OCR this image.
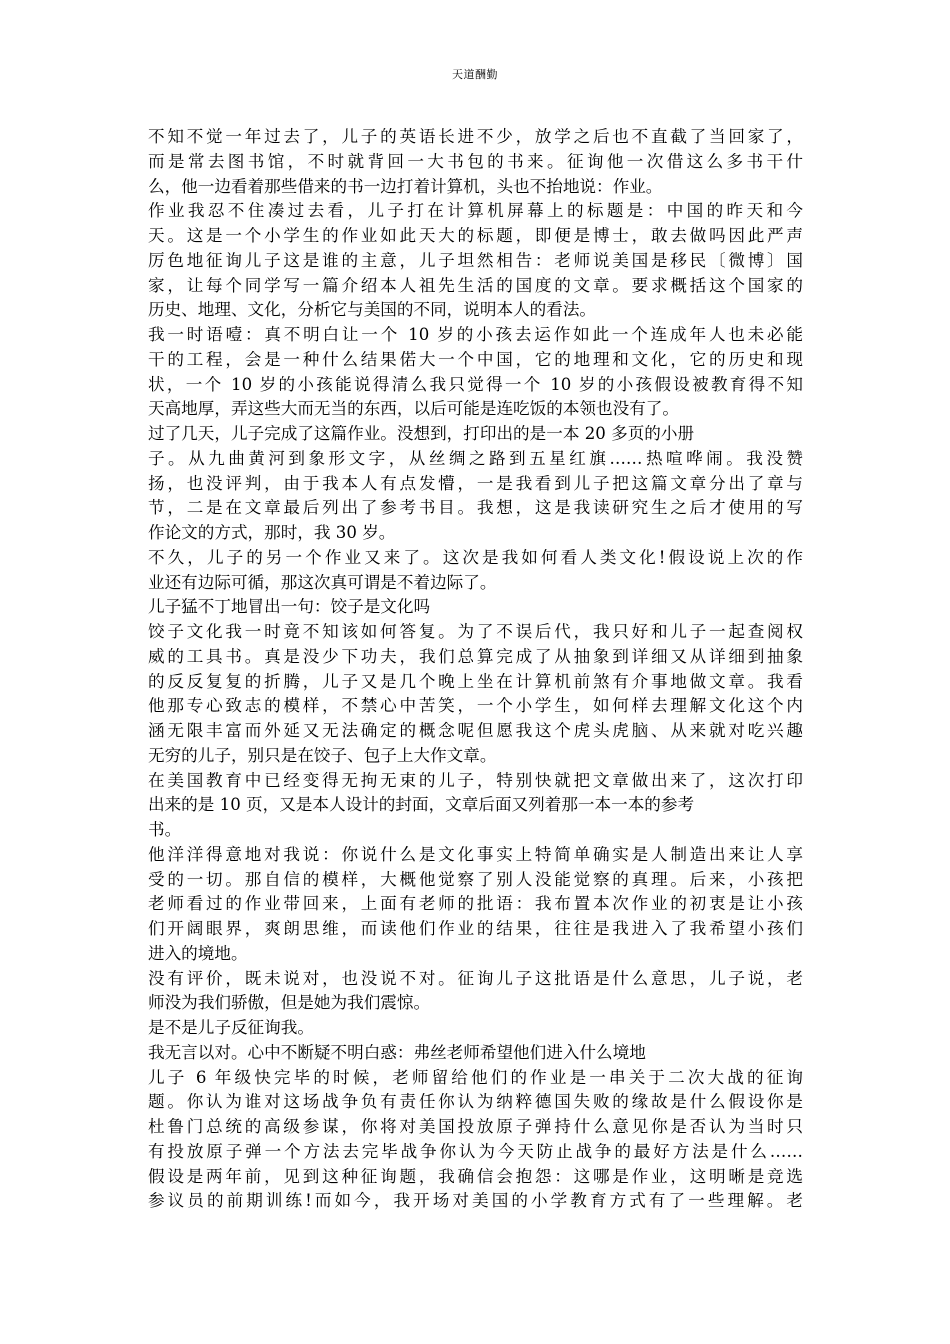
天道酬勤
不知不觉一年过去了，儿子的英语长进不少，放学之后也不直截了当回家了，
而是常去图书馆，不时就背回一大书包的书来。征询他一次借这么多书干什
么，他一边看着那些借来的书一边打着计算机，头也不抬地说：作业。
作业我忍不住凑过去看，儿子打在计算机屏幕上的标题是：中国的昨天和今
天。这是一个小学生的作业如此天大的标题，即便是博士，敢去做吗因此严声
厉色地征询儿子这是谁的主意，儿子坦然相告：老师说美国是移民〔微博〕国
家，让每个同学写一篇介绍本人祖先生活的国度的文章。要求概括这个国家的
历史、地理、文化，分析它与美国的不同，说明本人的看法。
我一时语噎：真不明白让一个 10 岁的小孩去运作如此一个连成年人也未必能
干的工程，会是一种什么结果偌大一个中国，它的地理和文化，它的历史和现
状，一个 10 岁的小孩能说得清么我只觉得一个 10 岁的小孩假设被教育得不知
天高地厚，弄这些大而无当的东西，以后可能是连吃饭的本领也没有了。
过了几天，儿子完成了这篇作业。没想到，打印出的是一本 20 多页的小册
子。从九曲黄河到象形文字，从丝绸之路到五星红旗……热喧哗闹。我没赞
扬，也没评判，由于我本人有点发懵，一是我看到儿子把这篇文章分出了章与
节，二是在文章最后列出了参考书目。我想，这是我读研究生之后才使用的写
作论文的方式，那时，我 30 岁。
不久，儿子的另一个作业又来了。这次是我如何看人类文化!假设说上次的作
业还有边际可循，那这次真可谓是不着边际了。
儿子猛不丁地冒出一句：饺子是文化吗
饺子文化我一时竟不知该如何答复。为了不误后代，我只好和儿子一起查阅权
威的工具书。真是没少下功夫，我们总算完成了从抽象到详细又从详细到抽象
的反反复复的折腾，儿子又是几个晚上坐在计算机前煞有介事地做文章。我看
他那专心致志的模样，不禁心中苦笑，一个小学生，如何样去理解文化这个内
涵无限丰富而外延又无法确定的概念呢但愿我这个虎头虎脑、从来就对吃兴趣
无穷的儿子，别只是在饺子、包子上大作文章。
在美国教育中已经变得无拘无束的儿子，特别快就把文章做出来了，这次打印
出来的是 10 页，又是本人设计的封面，文章后面又列着那一本一本的参考
书。
他洋洋得意地对我说：你说什么是文化事实上特简单确实是人制造出来让人享
受的一切。那自信的模样，大概他觉察了别人没能觉察的真理。后来，小孩把
老师看过的作业带回来，上面有老师的批语：我布置本次作业的初衷是让小孩
们开阔眼界，爽朗思维，而读他们作业的结果，往往是我进入了我希望小孩们
进入的境地。
没有评价，既未说对，也没说不对。征询儿子这批语是什么意思，儿子说，老
师没为我们骄傲，但是她为我们震惊。
是不是儿子反征询我。
我无言以对。心中不断疑不明白惑：弗丝老师希望他们进入什么境地
儿子 6 年级快完毕的时候，老师留给他们的作业是一串关于二次大战的征询
题。你认为谁对这场战争负有责任你认为纳粹德国失败的缘故是什么假设你是
杜鲁门总统的高级参谋，你将对美国投放原子弹持什么意见你是否认为当时只
有投放原子弹一个方法去完毕战争你认为今天防止战争的最好方法是什么……
假设是两年前，见到这种征询题，我确信会抱怨：这哪是作业，这明晰是竞选
参议员的前期训练!而如今，我开场对美国的小学教育方式有了一些理解。老
